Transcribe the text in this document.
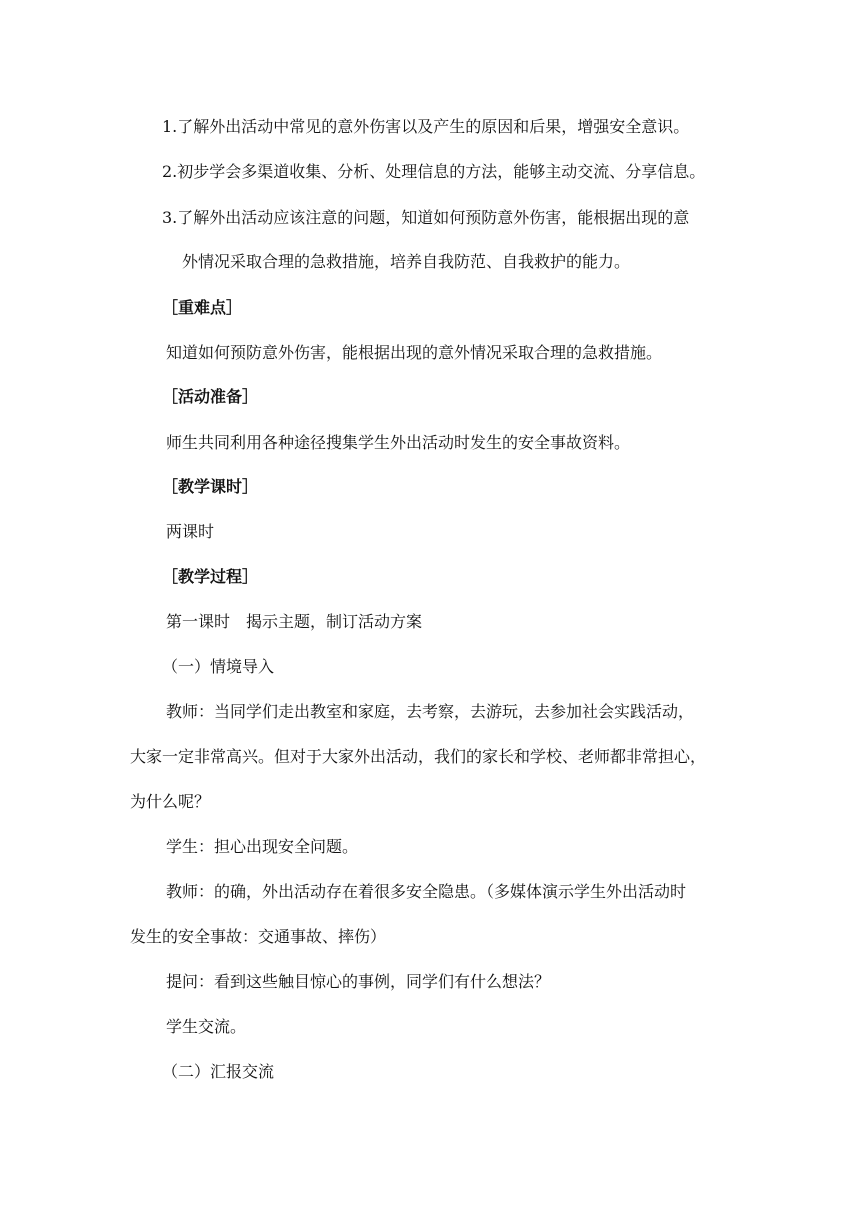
1.了解外出活动中常见的意外伤害以及产生的原因和后果，增强安全意识。
2.初步学会多渠道收集、分析、处理信息的方法，能够主动交流、分享信息。
3.了解外出活动应该注意的问题，知道如何预防意外伤害，能根据出现的意
外情况采取合理的急救措施，培养自我防范、自我救护的能力。
［重难点］
知道如何预防意外伤害，能根据出现的意外情况采取合理的急救措施。
［活动准备］
师生共同利用各种途径搜集学生外出活动时发生的安全事故资料。
［教学课时］
两课时
［教学过程］
第一课时　揭示主题，制订活动方案
（一）情境导入
教师：当同学们走出教室和家庭，去考察，去游玩，去参加社会实践活动，
大家一定非常高兴。但对于大家外出活动，我们的家长和学校、老师都非常担心，
为什么呢？
学生：担心出现安全问题。
教师：的确，外出活动存在着很多安全隐患。（多媒体演示学生外出活动时
发生的安全事故：交通事故、摔伤）
提问：看到这些触目惊心的事例，同学们有什么想法？
学生交流。
（二）汇报交流
